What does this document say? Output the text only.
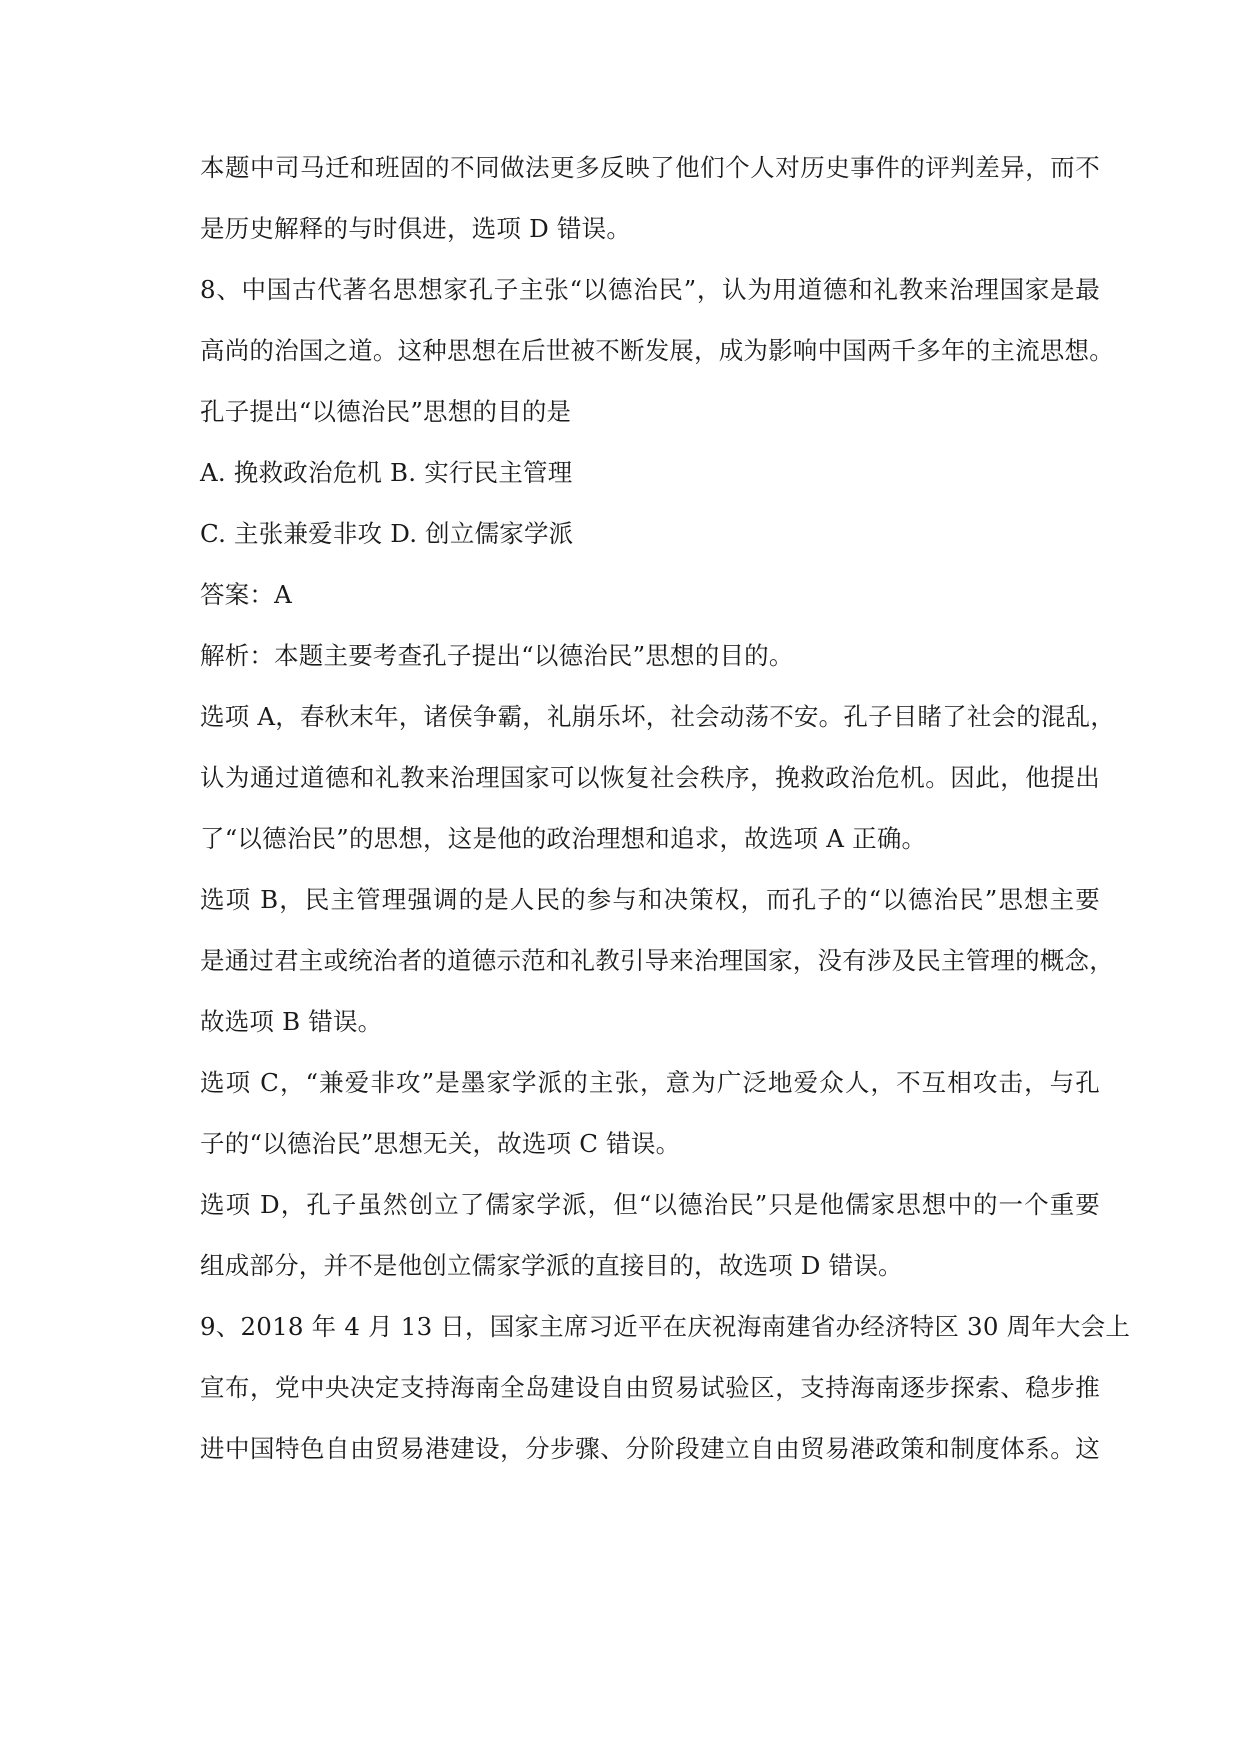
本题中司马迁和班固的不同做法更多反映了他们个人对历史事件的评判差异，而不
是历史解释的与时俱进，选项 D 错误。
8、中国古代著名思想家孔子主张“以德治民”，认为用道德和礼教来治理国家是最
高尚的治国之道。这种思想在后世被不断发展，成为影响中国两千多年的主流思想。
孔子提出“以德治民”思想的目的是
A. 挽救政治危机 B. 实行民主管理
C. 主张兼爱非攻 D. 创立儒家学派
答案：A
解析：本题主要考查孔子提出“以德治民”思想的目的。
选项 A，春秋末年，诸侯争霸，礼崩乐坏，社会动荡不安。孔子目睹了社会的混乱，
认为通过道德和礼教来治理国家可以恢复社会秩序，挽救政治危机。因此，他提出
了“以德治民”的思想，这是他的政治理想和追求，故选项 A 正确。
选项 B，民主管理强调的是人民的参与和决策权，而孔子的“以德治民”思想主要
是通过君主或统治者的道德示范和礼教引导来治理国家，没有涉及民主管理的概念，
故选项 B 错误。
选项 C，“兼爱非攻”是墨家学派的主张，意为广泛地爱众人，不互相攻击，与孔
子的“以德治民”思想无关，故选项 C 错误。
选项 D，孔子虽然创立了儒家学派，但“以德治民”只是他儒家思想中的一个重要
组成部分，并不是他创立儒家学派的直接目的，故选项 D 错误。
9、2018 年 4 月 13 日，国家主席习近平在庆祝海南建省办经济特区 30 周年大会上
宣布，党中央决定支持海南全岛建设自由贸易试验区，支持海南逐步探索、稳步推
进中国特色自由贸易港建设，分步骤、分阶段建立自由贸易港政策和制度体系。这
